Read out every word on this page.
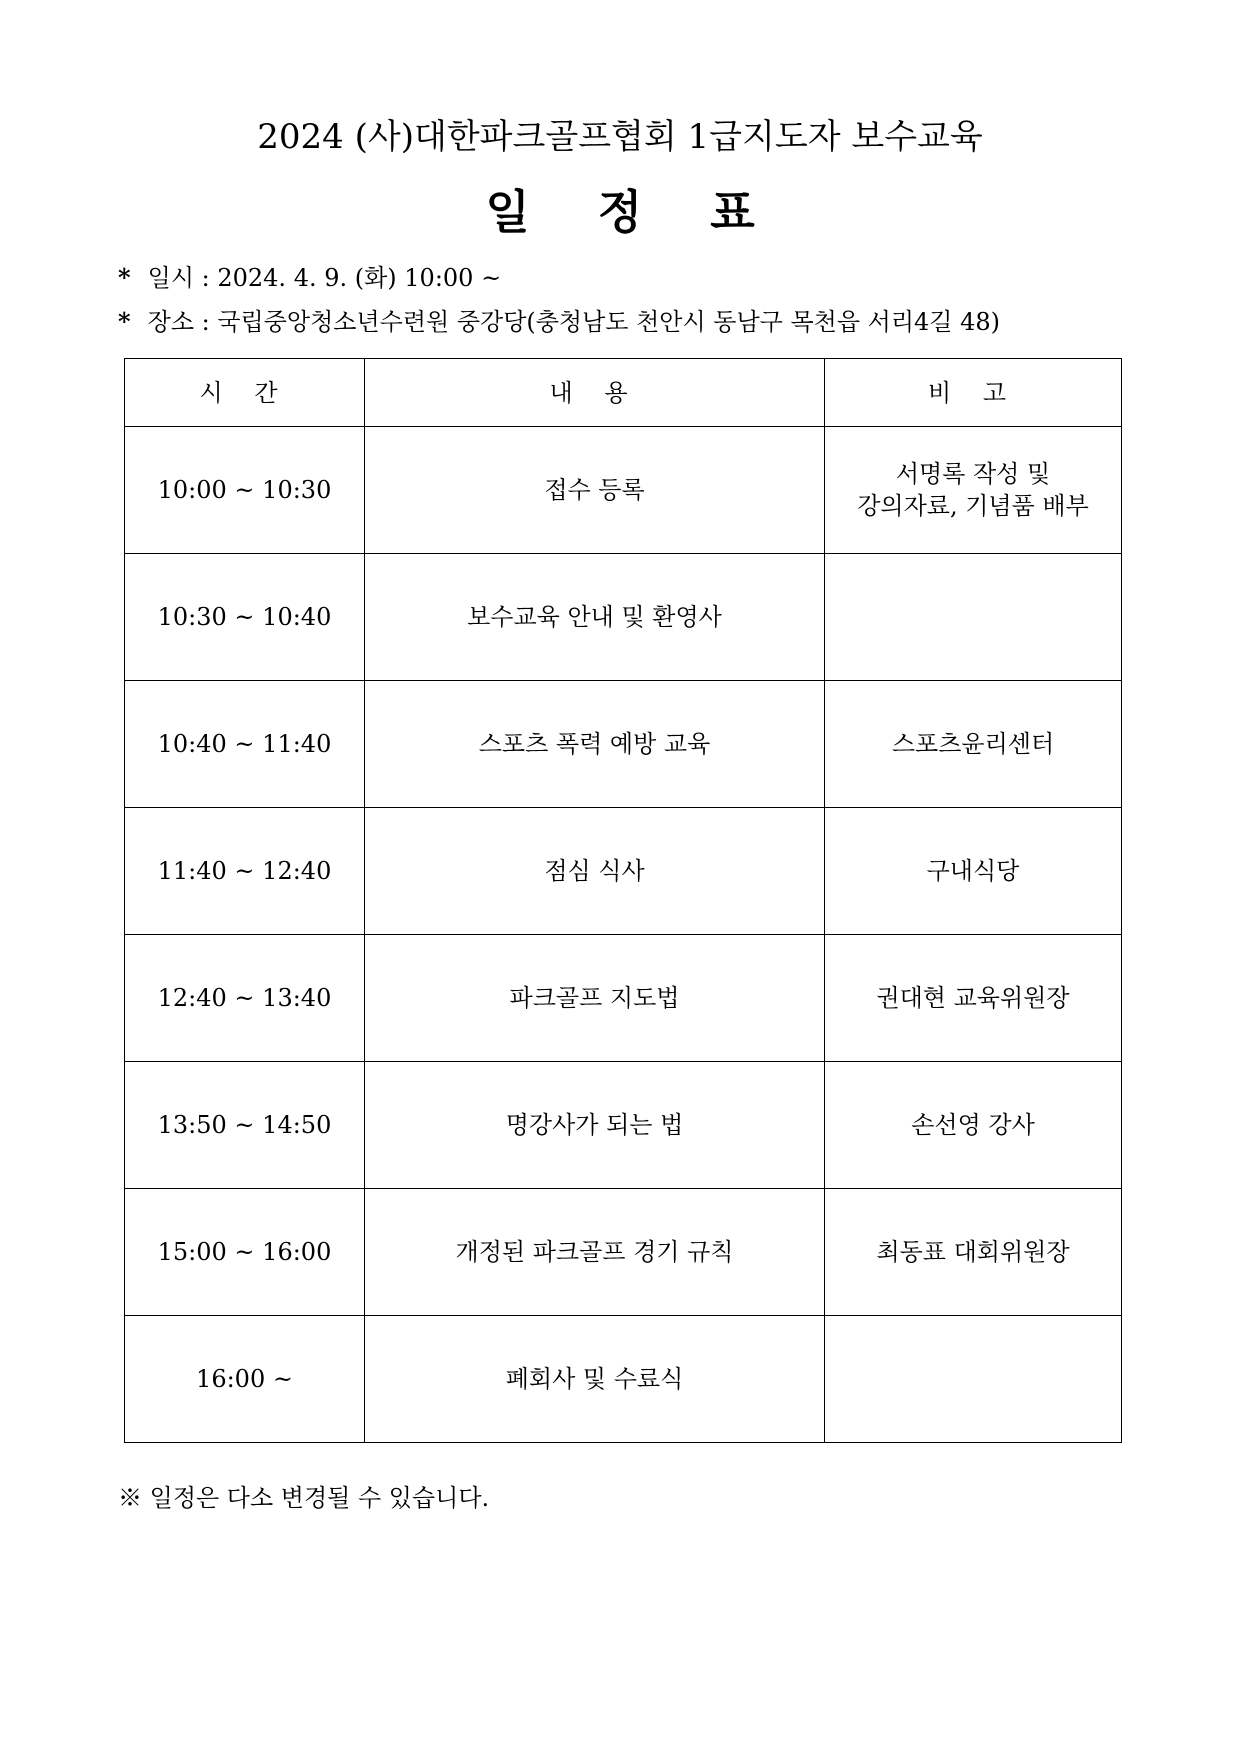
2024 (사)대한파크골프협회 1급지도자 보수교육
일 정 표
* 일시 : 2024. 4. 9. (화) 10:00 ~
* 장소 : 국립중앙청소년수련원 중강당(충청남도 천안시 동남구 목천읍 서리4길 48)
시 간	내 용	비 고
10:00 ~ 10:30	접수 등록	서명록 작성 및
강의자료, 기념품 배부

10:30 ~ 10:40	보수교육 안내 및 환영사	
10:40 ~ 11:40	스포츠 폭력 예방 교육	스포츠윤리센터

11:40 ~ 12:40	점심 식사	구내식당

12:40 ~ 13:40	파크골프 지도법	권대현 교육위원장

13:50 ~ 14:50	명강사가 되는 법	손선영 강사

15:00 ~ 16:00	개정된 파크골프 경기 규칙	최동표 대회위원장

16:00 ~	폐회사 및 수료식	
※ 일정은 다소 변경될 수 있습니다.
